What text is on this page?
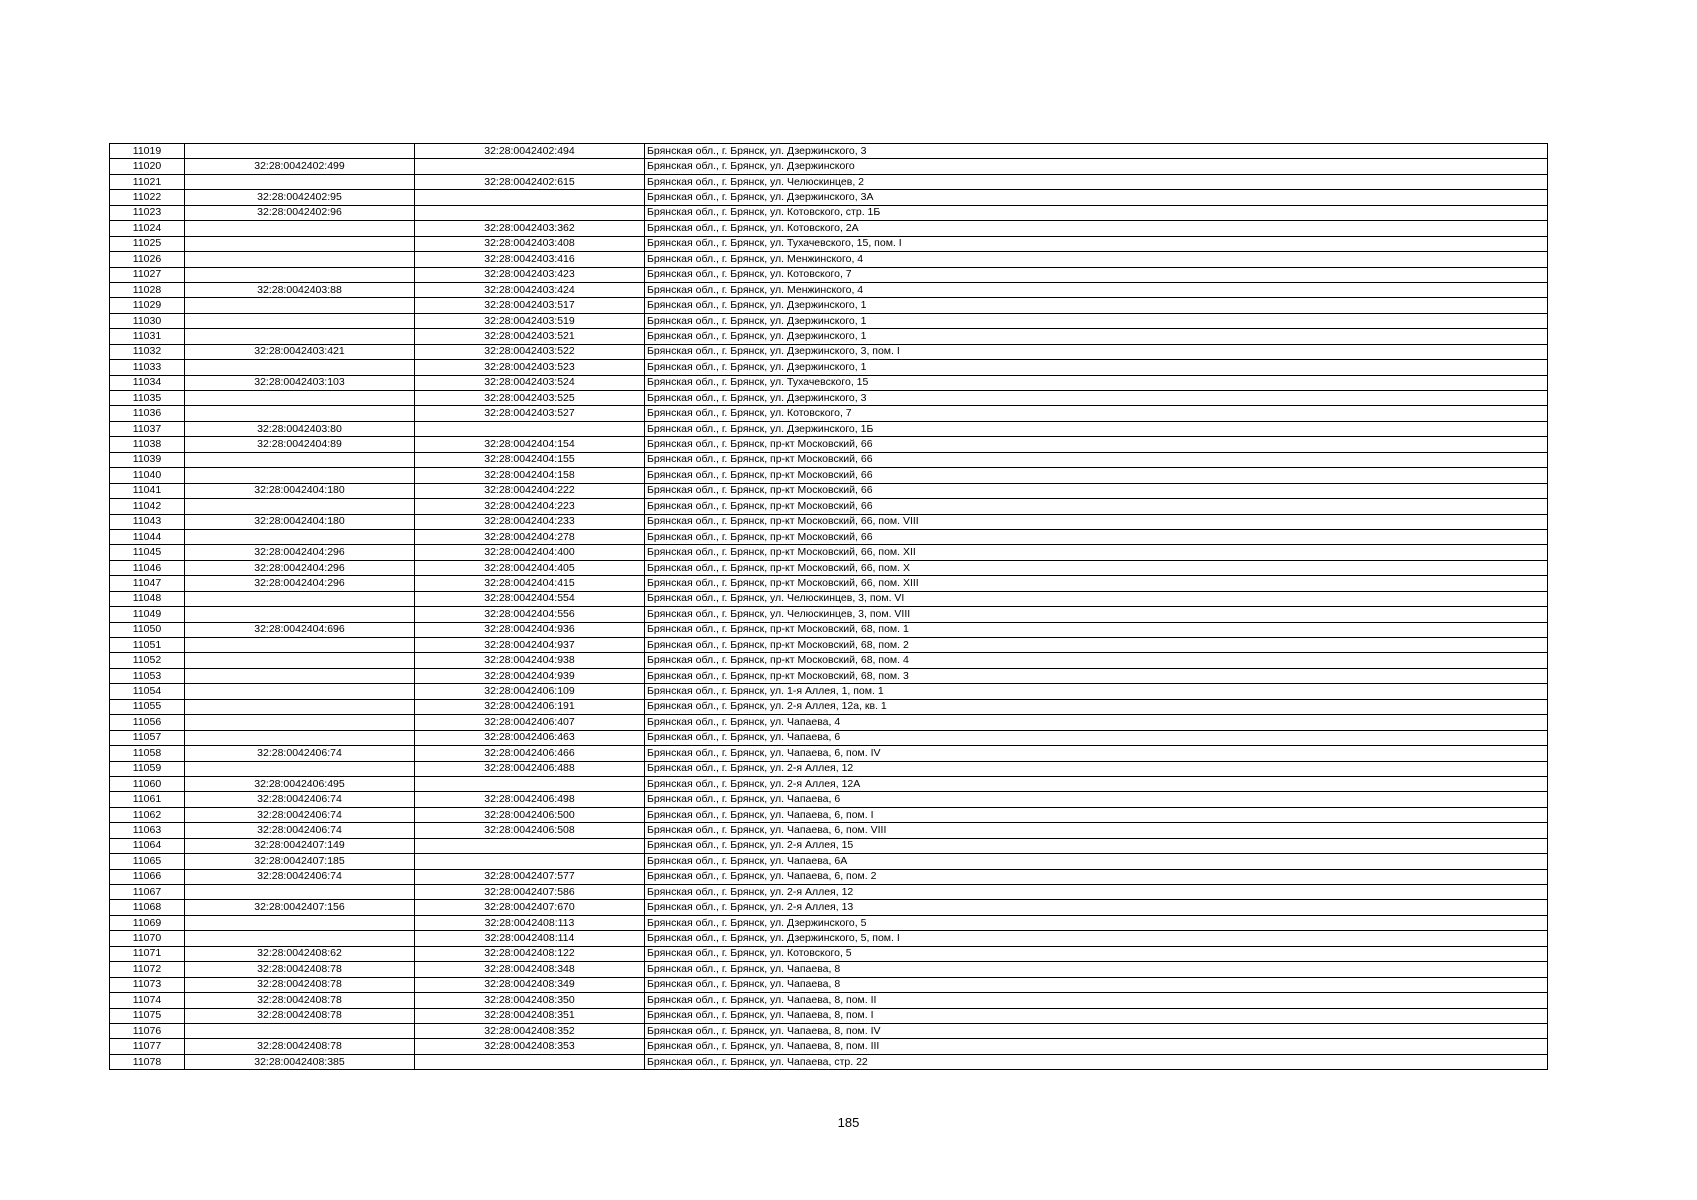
11019		32:28:0042402:494	Брянская обл., г. Брянск, ул. Дзержинского, 3
11020	32:28:0042402:499		Брянская обл., г. Брянск, ул. Дзержинского
11021		32:28:0042402:615	Брянская обл., г. Брянск, ул. Челюскинцев, 2
11022	32:28:0042402:95		Брянская обл., г. Брянск, ул. Дзержинского, 3А
11023	32:28:0042402:96		Брянская обл., г. Брянск, ул. Котовского, стр. 1Б
11024		32:28:0042403:362	Брянская обл., г. Брянск, ул. Котовского, 2А
11025		32:28:0042403:408	Брянская обл., г. Брянск, ул. Тухачевского, 15, пом. I
11026		32:28:0042403:416	Брянская обл., г. Брянск, ул. Менжинского, 4
11027		32:28:0042403:423	Брянская обл., г. Брянск, ул. Котовского, 7
11028	32:28:0042403:88	32:28:0042403:424	Брянская обл., г. Брянск, ул. Менжинского, 4
11029		32:28:0042403:517	Брянская обл., г. Брянск, ул. Дзержинского, 1
11030		32:28:0042403:519	Брянская обл., г. Брянск, ул. Дзержинского, 1
11031		32:28:0042403:521	Брянская обл., г. Брянск, ул. Дзержинского, 1
11032	32:28:0042403:421	32:28:0042403:522	Брянская обл., г. Брянск, ул. Дзержинского, 3, пом. I
11033		32:28:0042403:523	Брянская обл., г. Брянск, ул. Дзержинского, 1
11034	32:28:0042403:103	32:28:0042403:524	Брянская обл., г. Брянск, ул. Тухачевского, 15
11035		32:28:0042403:525	Брянская обл., г. Брянск, ул. Дзержинского, 3
11036		32:28:0042403:527	Брянская обл., г. Брянск, ул. Котовского, 7
11037	32:28:0042403:80		Брянская обл., г. Брянск, ул. Дзержинского, 1Б
11038	32:28:0042404:89	32:28:0042404:154	Брянская обл., г. Брянск, пр-кт Московский, 66
11039		32:28:0042404:155	Брянская обл., г. Брянск, пр-кт Московский, 66
11040		32:28:0042404:158	Брянская обл., г. Брянск, пр-кт Московский, 66
11041	32:28:0042404:180	32:28:0042404:222	Брянская обл., г. Брянск, пр-кт Московский, 66
11042		32:28:0042404:223	Брянская обл., г. Брянск, пр-кт Московский, 66
11043	32:28:0042404:180	32:28:0042404:233	Брянская обл., г. Брянск, пр-кт Московский, 66, пом. VIII
11044		32:28:0042404:278	Брянская обл., г. Брянск, пр-кт Московский, 66
11045	32:28:0042404:296	32:28:0042404:400	Брянская обл., г. Брянск, пр-кт Московский, 66, пом. XII
11046	32:28:0042404:296	32:28:0042404:405	Брянская обл., г. Брянск, пр-кт Московский, 66, пом. X
11047	32:28:0042404:296	32:28:0042404:415	Брянская обл., г. Брянск, пр-кт Московский, 66, пом. XIII
11048		32:28:0042404:554	Брянская обл., г. Брянск, ул. Челюскинцев, 3, пом. VI
11049		32:28:0042404:556	Брянская обл., г. Брянск, ул. Челюскинцев, 3, пом. VIII
11050	32:28:0042404:696	32:28:0042404:936	Брянская обл., г. Брянск, пр-кт Московский, 68, пом. 1
11051		32:28:0042404:937	Брянская обл., г. Брянск, пр-кт Московский, 68, пом. 2
11052		32:28:0042404:938	Брянская обл., г. Брянск, пр-кт Московский, 68, пом. 4
11053		32:28:0042404:939	Брянская обл., г. Брянск, пр-кт Московский, 68, пом. 3
11054		32:28:0042406:109	Брянская обл., г. Брянск, ул. 1-я Аллея, 1, пом. 1
11055		32:28:0042406:191	Брянская обл., г. Брянск, ул. 2-я Аллея, 12а, кв. 1
11056		32:28:0042406:407	Брянская обл., г. Брянск, ул. Чапаева, 4
11057		32:28:0042406:463	Брянская обл., г. Брянск, ул. Чапаева, 6
11058	32:28:0042406:74	32:28:0042406:466	Брянская обл., г. Брянск, ул. Чапаева, 6, пом. IV
11059		32:28:0042406:488	Брянская обл., г. Брянск, ул. 2-я Аллея, 12
11060	32:28:0042406:495		Брянская обл., г. Брянск, ул. 2-я Аллея, 12А
11061	32:28:0042406:74	32:28:0042406:498	Брянская обл., г. Брянск, ул. Чапаева, 6
11062	32:28:0042406:74	32:28:0042406:500	Брянская обл., г. Брянск, ул. Чапаева, 6, пом. I
11063	32:28:0042406:74	32:28:0042406:508	Брянская обл., г. Брянск, ул. Чапаева, 6, пом. VIII
11064	32:28:0042407:149		Брянская обл., г. Брянск, ул. 2-я Аллея, 15
11065	32:28:0042407:185		Брянская обл., г. Брянск, ул. Чапаева, 6А
11066	32:28:0042406:74	32:28:0042407:577	Брянская обл., г. Брянск, ул. Чапаева, 6, пом. 2
11067		32:28:0042407:586	Брянская обл., г. Брянск, ул. 2-я Аллея, 12
11068	32:28:0042407:156	32:28:0042407:670	Брянская обл., г. Брянск, ул. 2-я Аллея, 13
11069		32:28:0042408:113	Брянская обл., г. Брянск, ул. Дзержинского, 5
11070		32:28:0042408:114	Брянская обл., г. Брянск, ул. Дзержинского, 5, пом. I
11071	32:28:0042408:62	32:28:0042408:122	Брянская обл., г. Брянск, ул. Котовского, 5
11072	32:28:0042408:78	32:28:0042408:348	Брянская обл., г. Брянск, ул. Чапаева, 8
11073	32:28:0042408:78	32:28:0042408:349	Брянская обл., г. Брянск, ул. Чапаева, 8
11074	32:28:0042408:78	32:28:0042408:350	Брянская обл., г. Брянск, ул. Чапаева, 8, пом. II
11075	32:28:0042408:78	32:28:0042408:351	Брянская обл., г. Брянск, ул. Чапаева, 8, пом. I
11076		32:28:0042408:352	Брянская обл., г. Брянск, ул. Чапаева, 8, пом. IV
11077	32:28:0042408:78	32:28:0042408:353	Брянская обл., г. Брянск, ул. Чапаева, 8, пом. III
11078	32:28:0042408:385		Брянская обл., г. Брянск, ул. Чапаева, стр. 22
185
